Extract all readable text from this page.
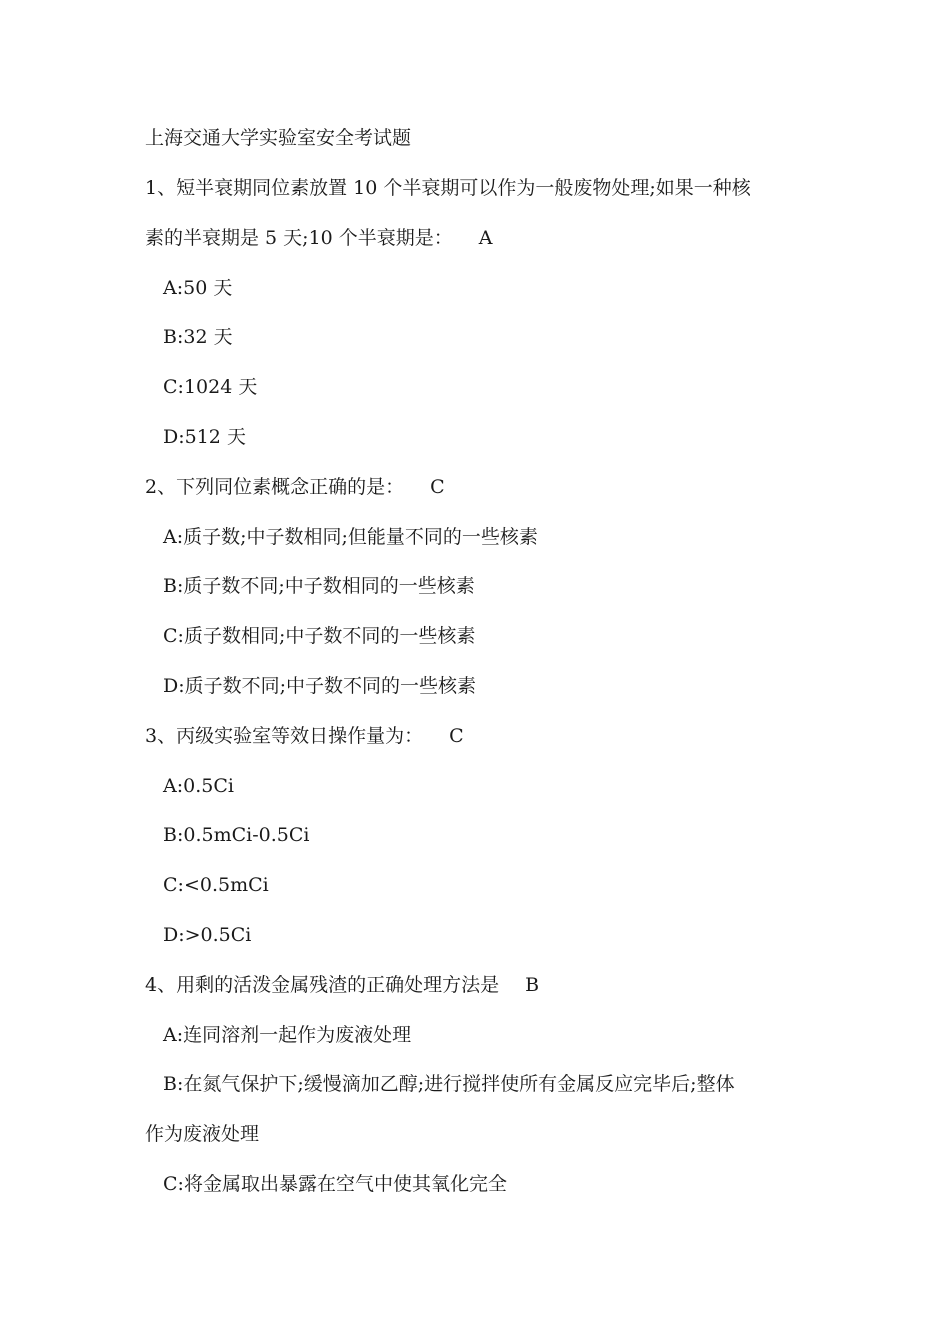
上海交通大学实验室安全考试题
1、短半衰期同位素放置 10 个半衰期可以作为一般废物处理;如果一种核
素的半衰期是 5 天;10 个半衰期是： A
A:50 天
B:32 天
C:1024 天
D:512 天
2、下列同位素概念正确的是： C
A:质子数;中子数相同;但能量不同的一些核素
B:质子数不同;中子数相同的一些核素
C:质子数相同;中子数不同的一些核素
D:质子数不同;中子数不同的一些核素
3、丙级实验室等效日操作量为： C
A:0.5Ci
B:0.5mCi-0.5Ci
C:<0.5mCi
D:>0.5Ci
4、用剩的活泼金属残渣的正确处理方法是 B
A:连同溶剂一起作为废液处理
B:在氮气保护下;缓慢滴加乙醇;进行搅拌使所有金属反应完毕后;整体
作为废液处理
C:将金属取出暴露在空气中使其氧化完全
